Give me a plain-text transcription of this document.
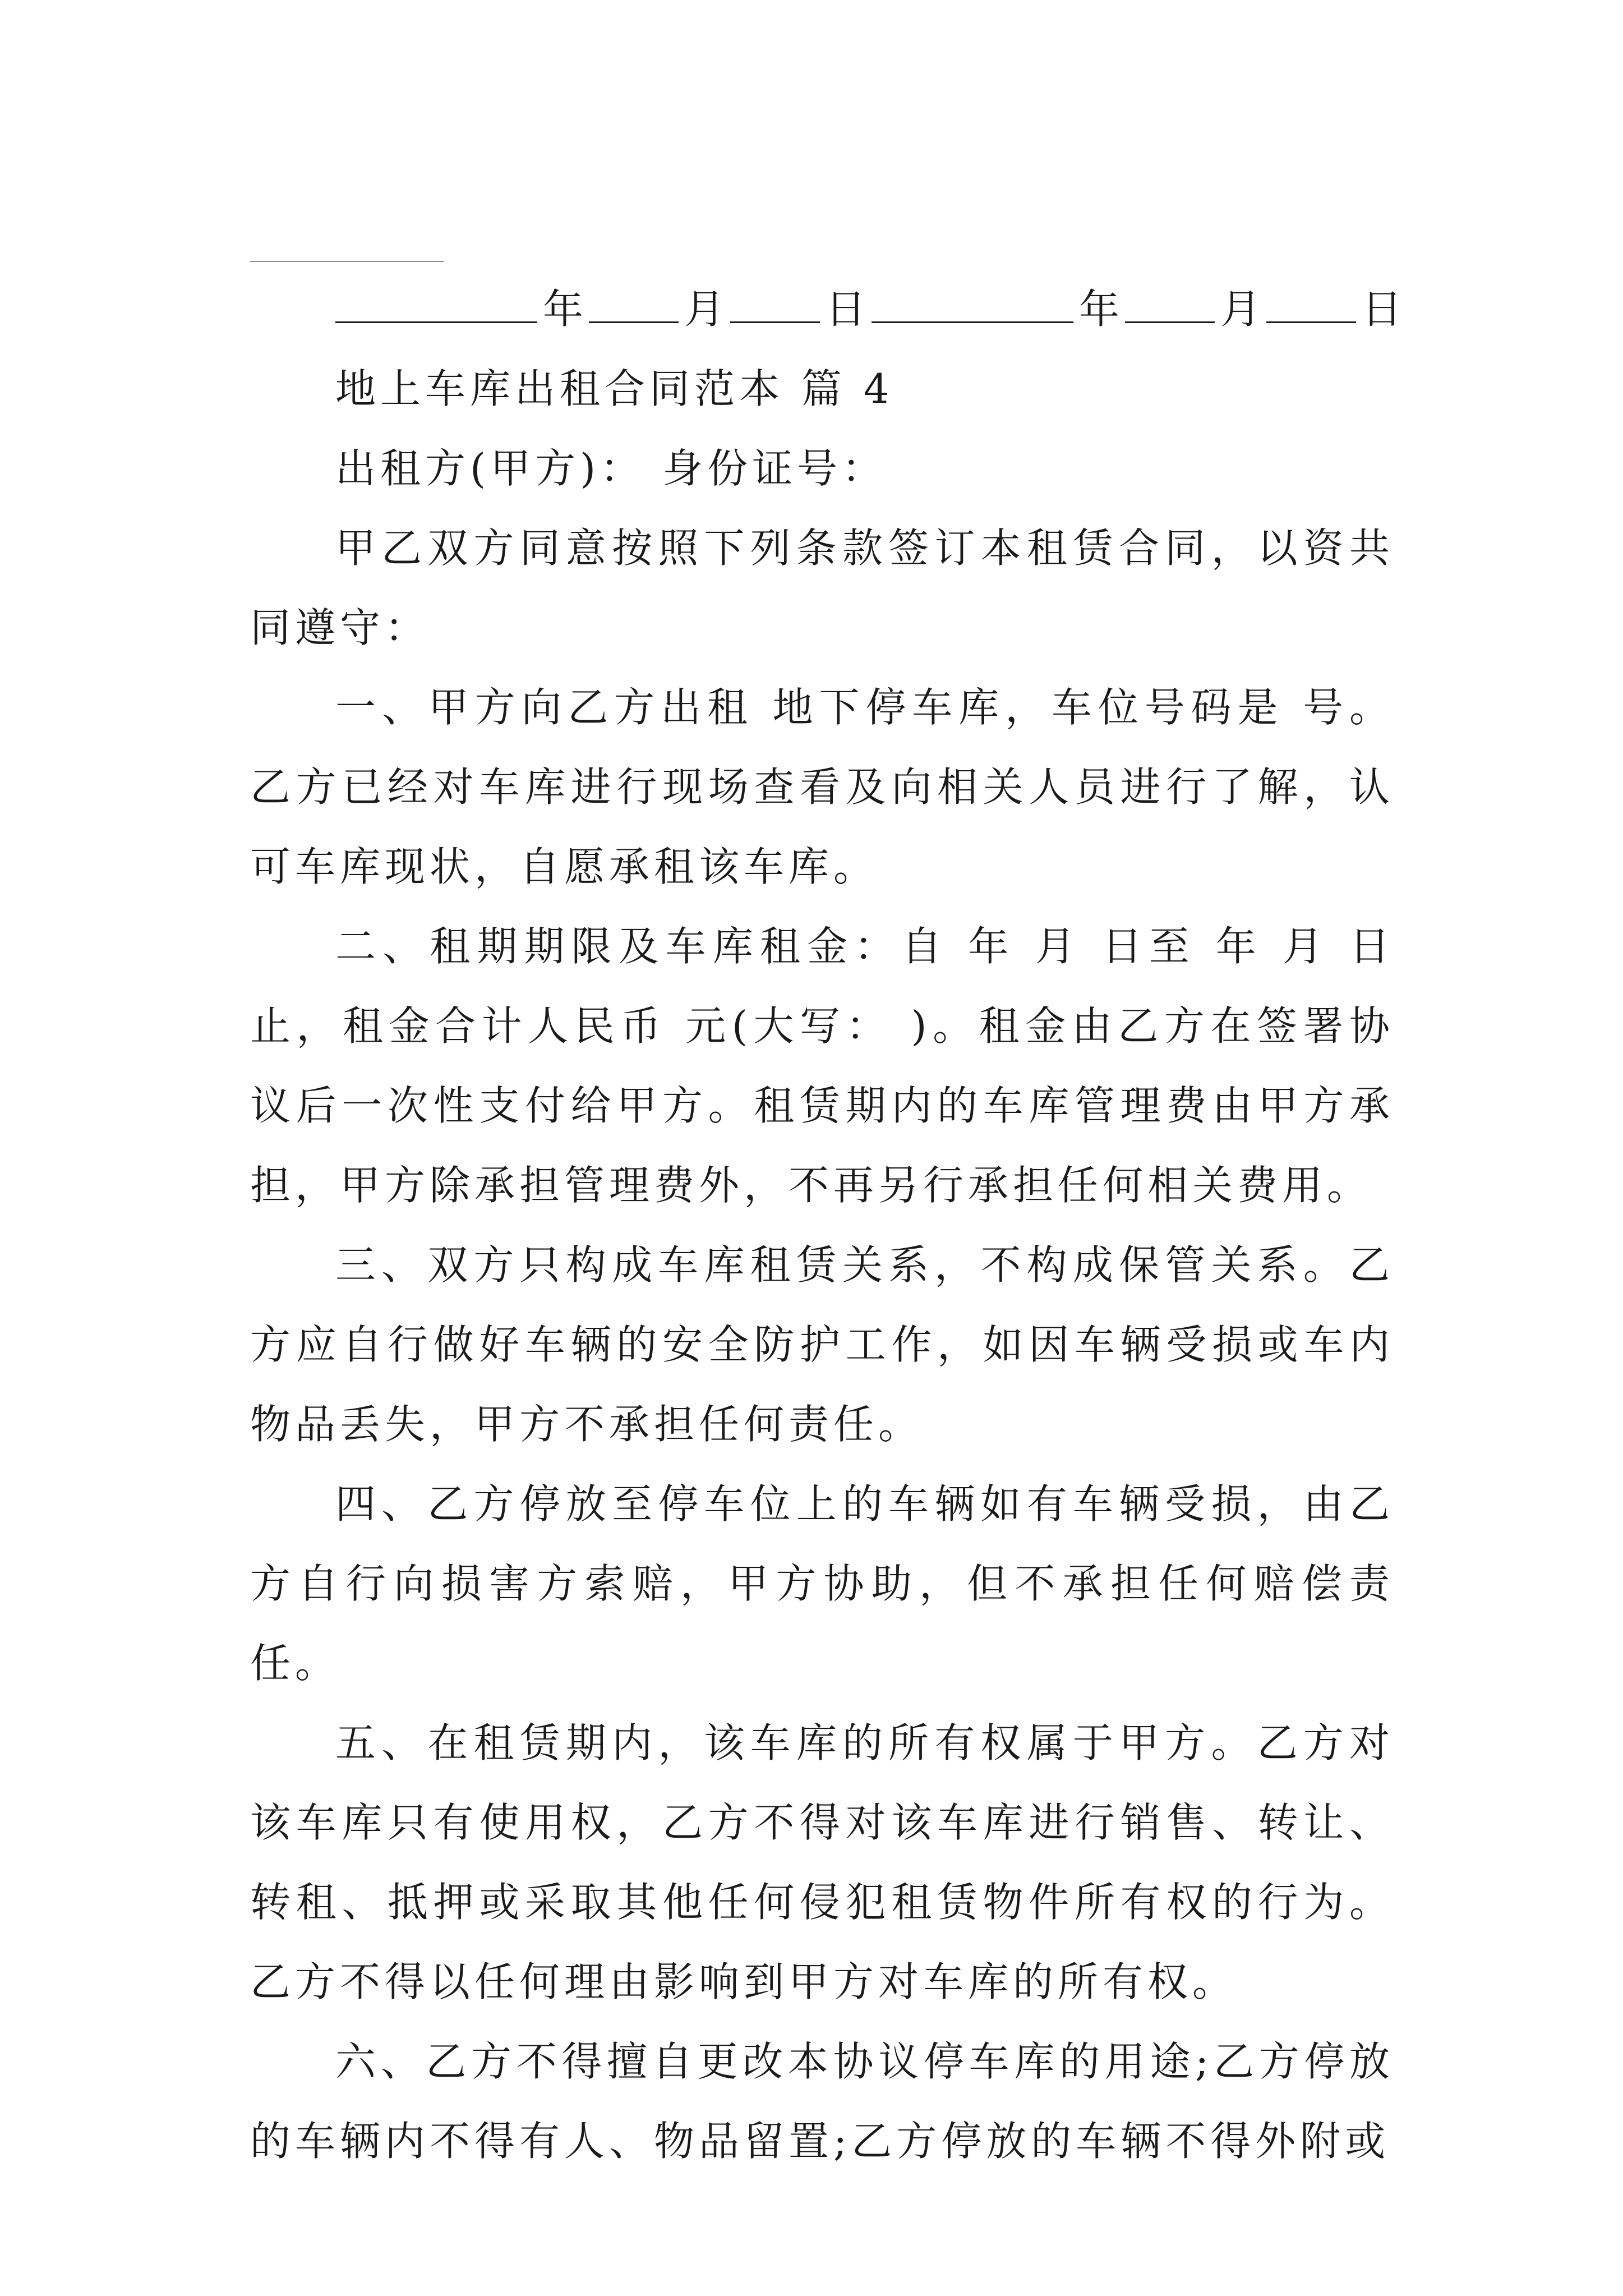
年	月	日	年	月	日

地上车库出租合同范本 篇 4

出租方(甲方)： 身份证号：

甲乙双方同意按照下列条款签订本租赁合同，以资共同遵守：

一、甲方向乙方出租 地下停车库，车位号码是 号。乙方已经对车库进行现场查看及向相关人员进行了解，认可车库现状，自愿承租该车库。

二、租期期限及车库租金：自 年 月 日至 年 月 日止，租金合计人民币 元(大写： )。租金由乙方在签署协议后一次性支付给甲方。租赁期内的车库管理费由甲方承担，甲方除承担管理费外，不再另行承担任何相关费用。

三、双方只构成车库租赁关系，不构成保管关系。乙方应自行做好车辆的安全防护工作，如因车辆受损或车内物品丢失，甲方不承担任何责任。

四、乙方停放至停车位上的车辆如有车辆受损，由乙方自行向损害方索赔，甲方协助，但不承担任何赔偿责任。

五、在租赁期内，该车库的所有权属于甲方。乙方对该车库只有使用权，乙方不得对该车库进行销售、转让、转租、抵押或采取其他任何侵犯租赁物件所有权的行为。乙方不得以任何理由影响到甲方对车库的所有权。

六、乙方不得擅自更改本协议停车库的用途;乙方停放的车辆内不得有人、物品留置;乙方停放的车辆不得外附或
